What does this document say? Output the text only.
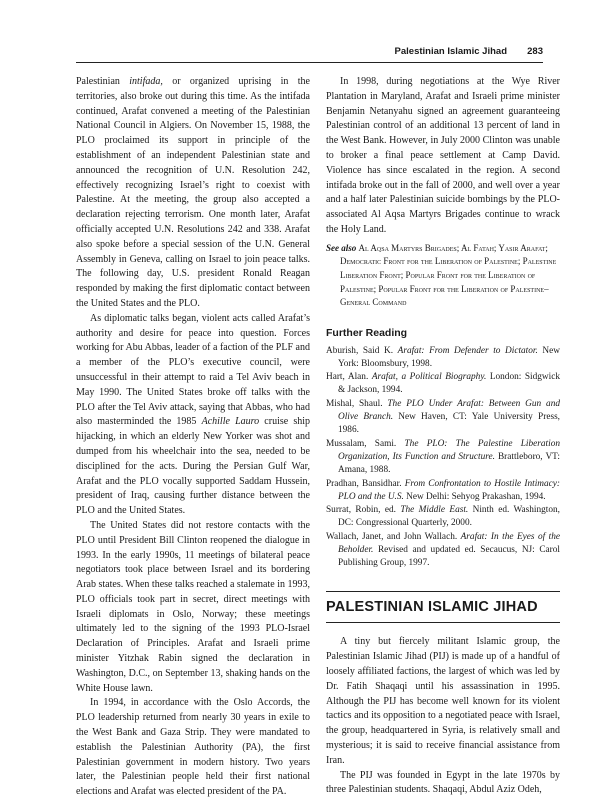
Palestinian Islamic Jihad 283

Palestinian intifada, or organized uprising in the territories, also broke out during this time. As the intifada continued, Arafat convened a meeting of the Palestinian National Council in Algiers. On November 15, 1988, the PLO proclaimed its support in principle of the establishment of an independent Palestinian state and announced the recognition of U.N. Resolution 242, effectively recognizing Israel’s right to coexist with Palestine. At the meeting, the group also accepted a declaration rejecting terrorism. One month later, Arafat officially accepted U.N. Resolutions 242 and 338. Arafat also spoke before a special session of the U.N. General Assembly in Geneva, calling on Israel to join peace talks. The following day, U.S. president Ronald Reagan responded by making the first diplomatic contact between the United States and the PLO.

As diplomatic talks began, violent acts called Arafat’s authority and desire for peace into question. Forces working for Abu Abbas, leader of a faction of the PLF and a member of the PLO’s executive council, were unsuccessful in their attempt to raid a Tel Aviv beach in May 1990. The United States broke off talks with the PLO after the Tel Aviv attack, saying that Abbas, who had also masterminded the 1985 Achille Lauro cruise ship hijacking, in which an elderly New Yorker was shot and dumped from his wheelchair into the sea, needed to be disciplined for the acts. During the Persian Gulf War, Arafat and the PLO vocally supported Saddam Hussein, president of Iraq, causing further distance between the PLO and the United States.

The United States did not restore contacts with the PLO until President Bill Clinton reopened the dialogue in 1993. In the early 1990s, 11 meetings of bilateral peace negotiators took place between Israel and its bordering Arab states. When these talks reached a stalemate in 1993, PLO officials took part in secret, direct meetings with Israeli diplomats in Oslo, Norway; these meetings ultimately led to the signing of the 1993 PLO-Israel Declaration of Principles. Arafat and Israeli prime minister Yitzhak Rabin signed the declaration in Washington, D.C., on September 13, shaking hands on the White House lawn.

In 1994, in accordance with the Oslo Accords, the PLO leadership returned from nearly 30 years in exile to the West Bank and Gaza Strip. They were mandated to establish the Palestinian Authority (PA), the first Palestinian government in modern history. Two years later, the Palestinian people held their first national elections and Arafat was elected president of the PA.

In 1998, during negotiations at the Wye River Plantation in Maryland, Arafat and Israeli prime minister Benjamin Netanyahu signed an agreement guaranteeing Palestinian control of an additional 13 percent of land in the West Bank. However, in July 2000 Clinton was unable to broker a final peace settlement at Camp David. Violence has since escalated in the region. A second intifada broke out in the fall of 2000, and well over a year and a half later Palestinian suicide bombings by the PLO-associated Al Aqsa Martyrs Brigades continue to wrack the Holy Land.

See also Al Aqsa Martyrs Brigades; Al Fatah; Yasir Arafat; Democratic Front for the Liberation of Palestine; Palestine Liberation Front; Popular Front for the Liberation of Palestine; Popular Front for the Liberation of Palestine–General Command

Further Reading

Aburish, Said K. Arafat: From Defender to Dictator. New York: Bloomsbury, 1998.

Hart, Alan. Arafat, a Political Biography. London: Sidgwick & Jackson, 1994.

Mishal, Shaul. The PLO Under Arafat: Between Gun and Olive Branch. New Haven, CT: Yale University Press, 1986.

Mussalam, Sami. The PLO: The Palestine Liberation Organization, Its Function and Structure. Brattleboro, VT: Amana, 1988.

Pradhan, Bansidhar. From Confrontation to Hostile Intimacy: PLO and the U.S. New Delhi: Sehyog Prakashan, 1994.

Surrat, Robin, ed. The Middle East. Ninth ed. Washington, DC: Congressional Quarterly, 2000.

Wallach, Janet, and John Wallach. Arafat: In the Eyes of the Beholder. Revised and updated ed. Secaucus, NJ: Carol Publishing Group, 1997.

PALESTINIAN ISLAMIC JIHAD

A tiny but fiercely militant Islamic group, the Palestinian Islamic Jihad (PIJ) is made up of a handful of loosely affiliated factions, the largest of which was led by Dr. Fatih Shaqaqi until his assassination in 1995. Although the PIJ has become well known for its violent tactics and its opposition to a negotiated peace with Israel, the group, headquartered in Syria, is relatively small and mysterious; it is said to receive financial assistance from Iran.

The PIJ was founded in Egypt in the late 1970s by three Palestinian students. Shaqaqi, Abdul Aziz Odeh,
